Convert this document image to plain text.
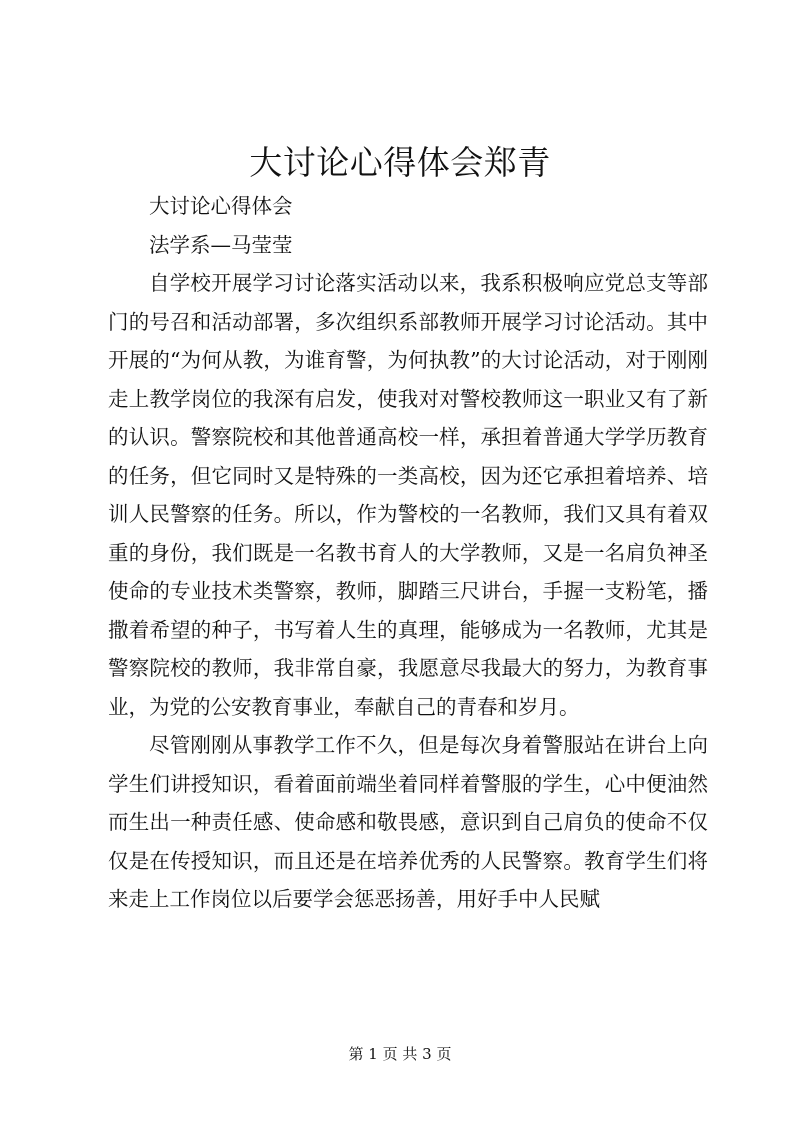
大讨论心得体会郑青

大讨论心得体会

法学系—马莹莹

自学校开展学习讨论落实活动以来，我系积极响应党总支等部门的号召和活动部署，多次组织系部教师开展学习讨论活动。其中开展的“为何从教，为谁育警，为何执教”的大讨论活动，对于刚刚走上教学岗位的我深有启发，使我对对警校教师这一职业又有了新的认识。警察院校和其他普通高校一样，承担着普通大学学历教育的任务，但它同时又是特殊的一类高校，因为还它承担着培养、培训人民警察的任务。所以，作为警校的一名教师，我们又具有着双重的身份，我们既是一名教书育人的大学教师，又是一名肩负神圣使命的专业技术类警察，教师，脚踏三尺讲台，手握一支粉笔，播撒着希望的种子，书写着人生的真理，能够成为一名教师，尤其是警察院校的教师，我非常自豪，我愿意尽我最大的努力，为教育事业，为党的公安教育事业，奉献自己的青春和岁月。

尽管刚刚从事教学工作不久，但是每次身着警服站在讲台上向学生们讲授知识，看着面前端坐着同样着警服的学生，心中便油然而生出一种责任感、使命感和敬畏感，意识到自己肩负的使命不仅仅是在传授知识，而且还是在培养优秀的人民警察。教育学生们将来走上工作岗位以后要学会惩恶扬善，用好手中人民赋

第 1 页 共 3 页
